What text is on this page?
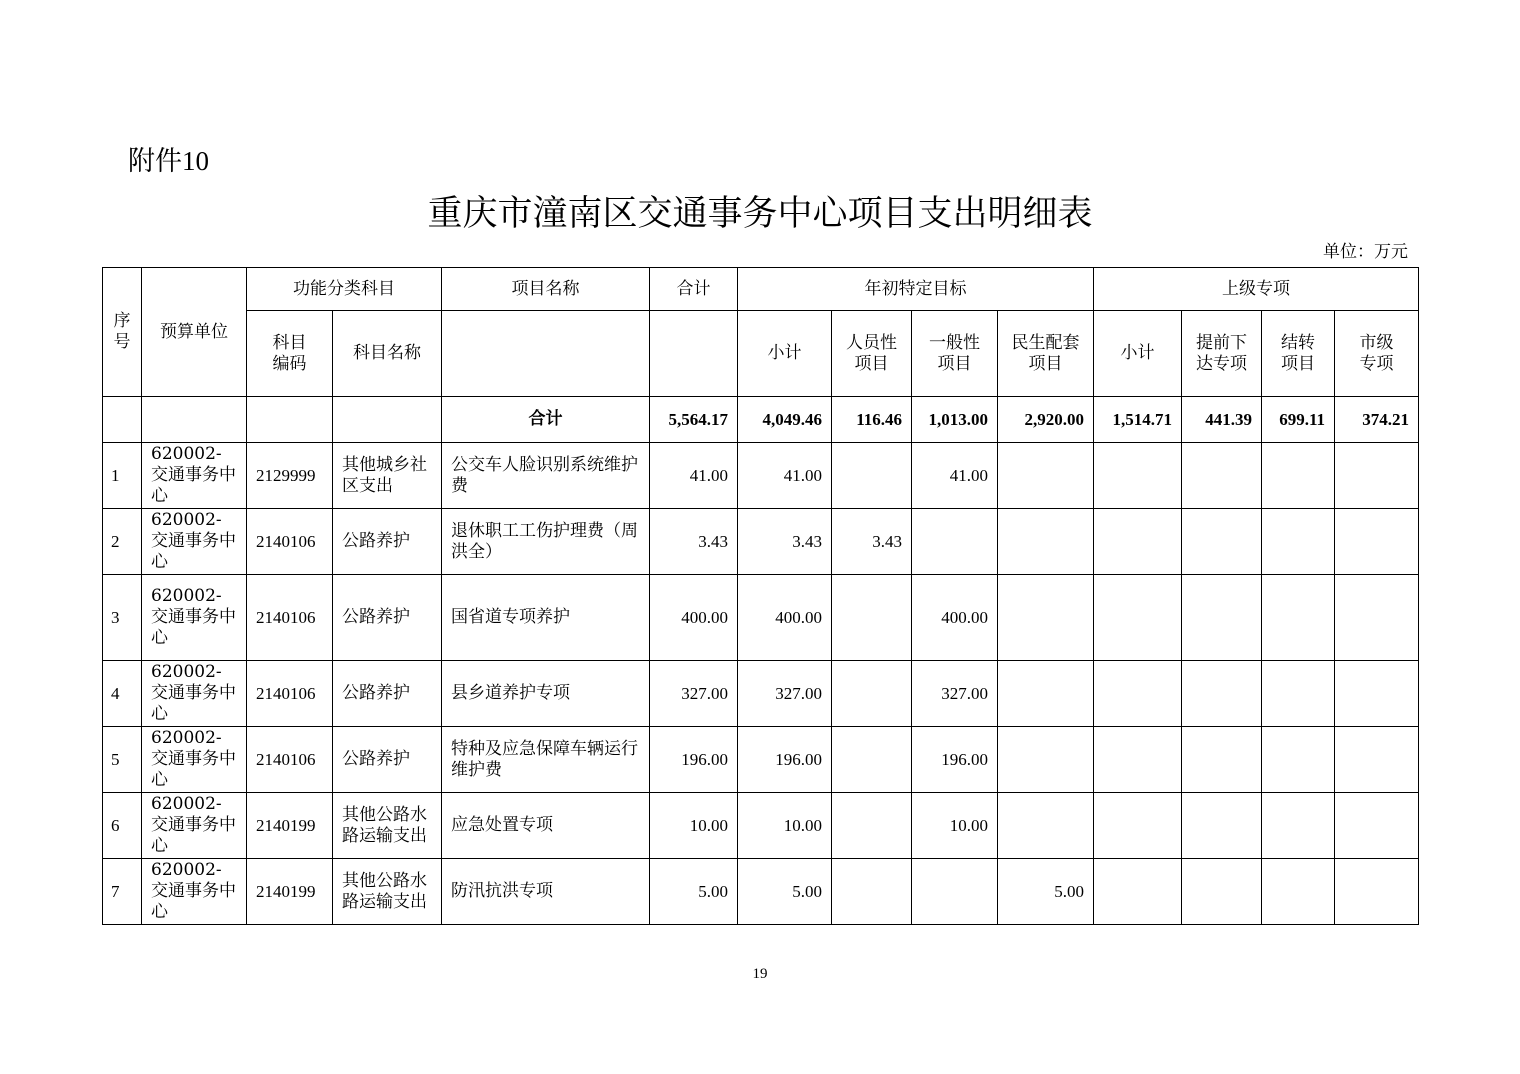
附件10
重庆市潼南区交通事务中心项目支出明细表
单位：万元
序号	预算单位	功能分类科目		项目名称	合计	年初特定目标				上级专项			
		科目编码	科目名称			小计	人员性项目	一般性项目	民生配套项目	小计	提前下达专项	结转项目	市级专项
				合计	5,564.17	4,049.46	116.46	1,013.00	2,920.00	1,514.71	441.39	699.11	374.21
1	620002-交通事务中心	2129999	其他城乡社区支出	公交车人脸识别系统维护费	41.00	41.00		41.00					
2	620002-交通事务中心	2140106	公路养护	退休职工工伤护理费（周洪全）	3.43	3.43	3.43						
3	620002-交通事务中心	2140106	公路养护	国省道专项养护	400.00	400.00		400.00					
4	620002-交通事务中心	2140106	公路养护	县乡道养护专项	327.00	327.00		327.00					
5	620002-交通事务中心	2140106	公路养护	特种及应急保障车辆运行维护费	196.00	196.00		196.00					
6	620002-交通事务中心	2140199	其他公路水路运输支出	应急处置专项	10.00	10.00		10.00					
7	620002-交通事务中心	2140199	其他公路水路运输支出	防汛抗洪专项	5.00	5.00			5.00				
19
